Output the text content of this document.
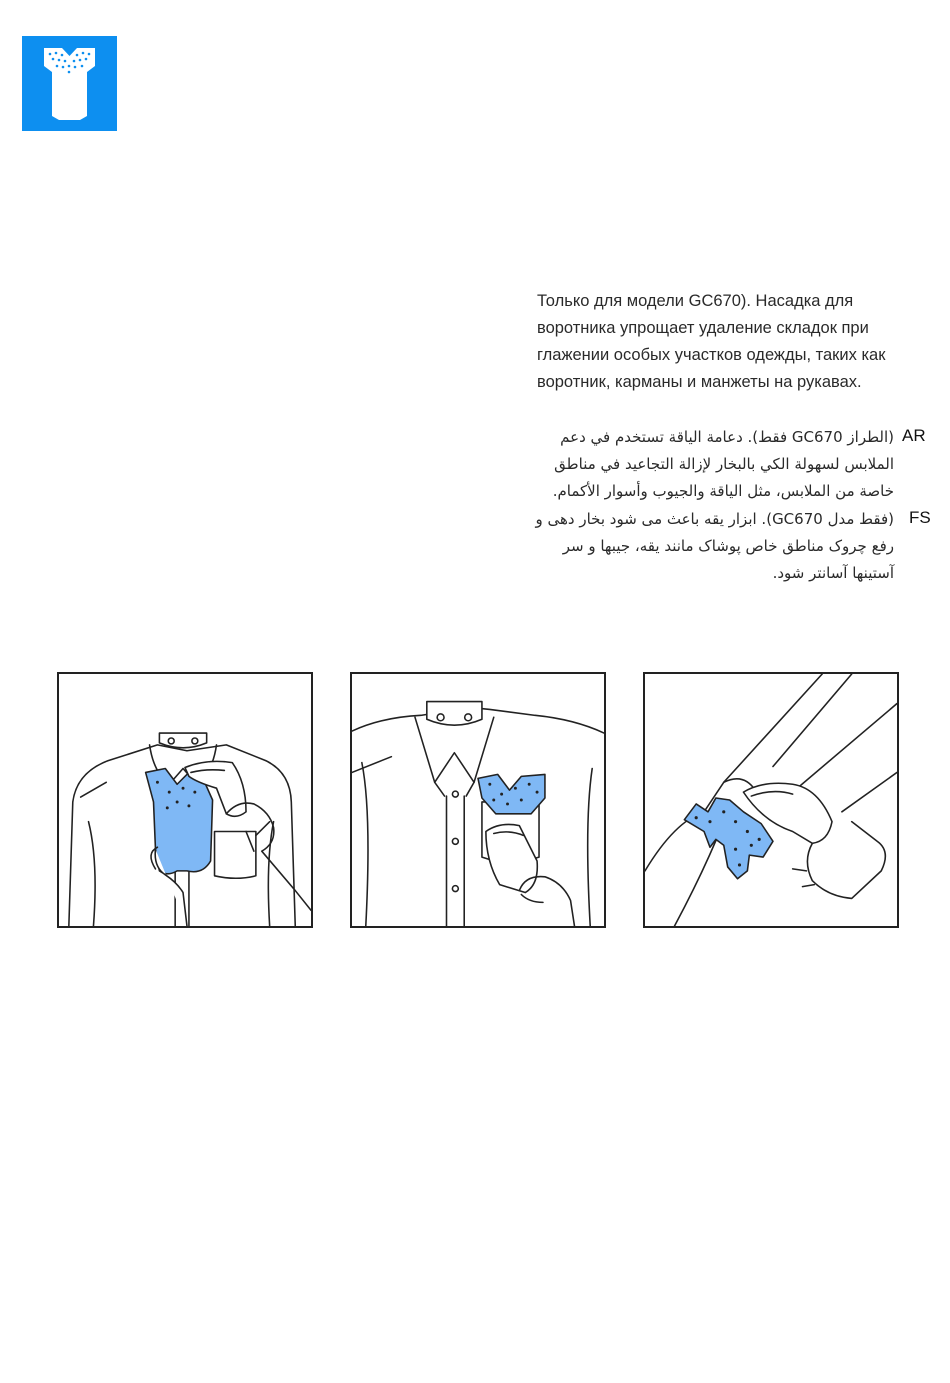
Только для модели GC670). Насадка для
воротника упрощает удаление складок при
глажении особых участков одежды, таких как
воротник, карманы и манжеты на рукавах.
AR
(الطراز GC670 فقط). دعامة الياقة تستخدم في دعم
الملابس لسهولة الكي بالبخار لإزالة التجاعيد في مناطق
خاصة من الملابس، مثل الياقة والجيوب وأسوار الأكمام.
FS
(فقط مدل GC670). ابزار یقه باعث می شود بخار دهی و
رفع چروک مناطق خاص پوشاک مانند یقه، جیبها و سر
آستینها آسانتر شود.
